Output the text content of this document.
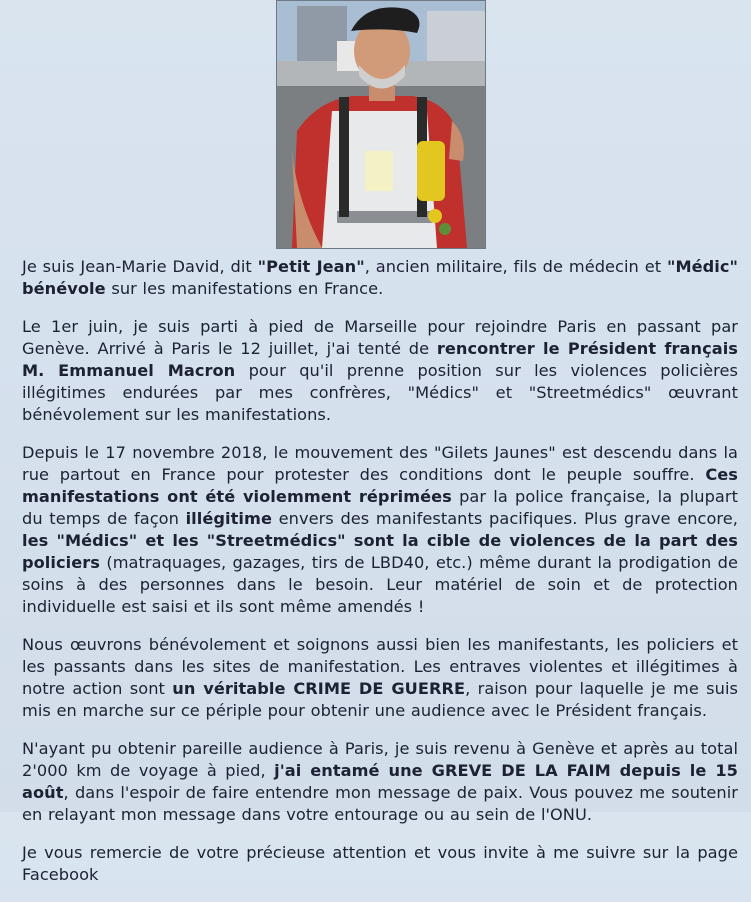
Je suis Jean-Marie David, dit "Petit Jean", ancien militaire, fils de médecin et "Médic" bénévole sur les manifestations en France.

Le 1er juin, je suis parti à pied de Marseille pour rejoindre Paris en passant par Genève. Arrivé à Paris le 12 juillet, j'ai tenté de rencontrer le Président français M. Emmanuel Macron pour qu'il prenne position sur les violences policières illégitimes endurées par mes confrères, "Médics" et "Streetmédics" œuvrant bénévolement sur les manifestations.

Depuis le 17 novembre 2018, le mouvement des "Gilets Jaunes" est descendu dans la rue partout en France pour protester des conditions dont le peuple souffre. Ces manifestations ont été violemment réprimées par la police française, la plupart du temps de façon illégitime envers des manifestants pacifiques. Plus grave encore, les "Médics" et les "Streetmédics" sont la cible de violences de la part des policiers (matraquages, gazages, tirs de LBD40, etc.) même durant la prodigation de soins à des personnes dans le besoin. Leur matériel de soin et de protection individuelle est saisi et ils sont même amendés !

Nous œuvrons bénévolement et soignons aussi bien les manifestants, les policiers et les passants dans les sites de manifestation. Les entraves violentes et illégitimes à notre action sont un véritable CRIME DE GUERRE, raison pour laquelle je me suis mis en marche sur ce périple pour obtenir une audience avec le Président français.

N'ayant pu obtenir pareille audience à Paris, je suis revenu à Genève et après au total 2'000 km de voyage à pied, j'ai entamé une GREVE DE LA FAIM depuis le 15 août, dans l'espoir de faire entendre mon message de paix. Vous pouvez me soutenir en relayant mon message dans votre entourage ou au sein de l'ONU.

Je vous remercie de votre précieuse attention et vous invite à me suivre sur la page Facebook
